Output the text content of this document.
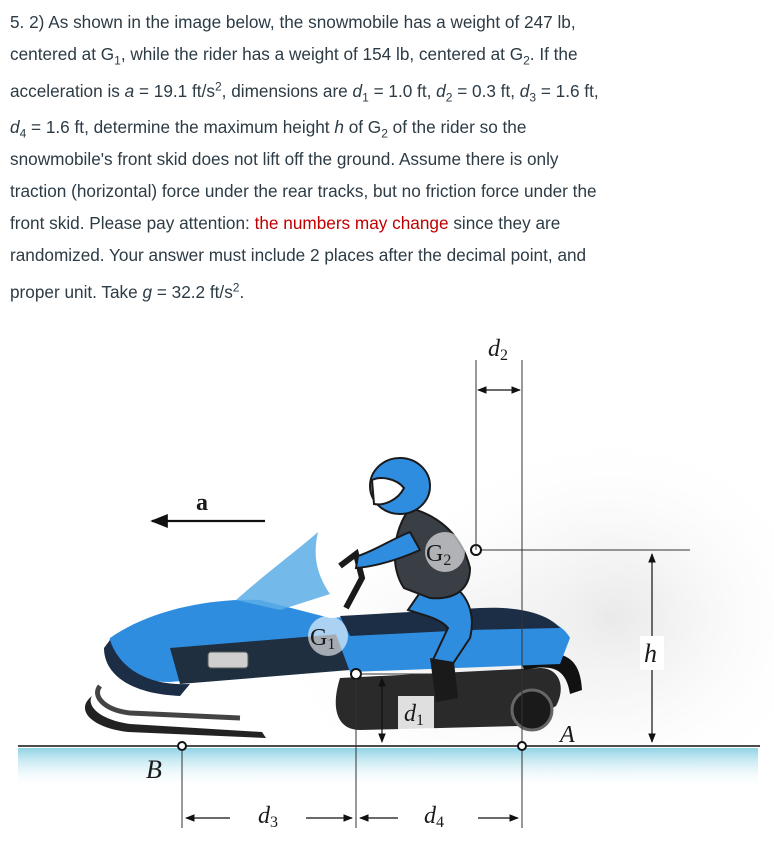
5. 2) As shown in the image below, the snowmobile has a weight of 247 lb,
centered at $G_1$, while the rider has a weight of 154 lb, centered at $G_2$. If the
acceleration is a = 19.1 $ft/s^2$, dimensions are $d_1 = 1.0$ ft, $d_2 = 0.3$ ft, $d_3 = 1.6$ ft,
$d_4 = 1.6$ ft, determine the maximum height h of $G_2$ of the rider so the
snowmobile's front skid does not lift off the ground. Assume there is only
traction (horizontal) force under the rear tracks, but no friction force under the
front skid. Please pay attention: the numbers may change since they are
randomized. Your answer must include 2 places after the decimal point, and
proper unit. Take g = 32.2 $ft/s^2$.
a
G2
G1
d2
h
d1
A
B
d3	d4
